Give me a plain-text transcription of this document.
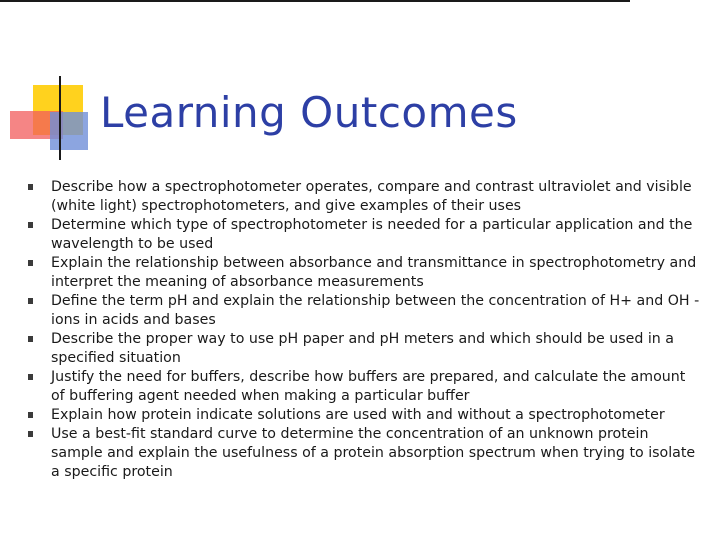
Learning Outcomes
Describe how a spectrophotometer operates, compare and contrast ultraviolet and visible (white light) spectrophotometers, and give examples of their uses
Determine which type of spectrophotometer is needed for a particular application and the wavelength to be used
Explain the relationship between absorbance and transmittance in spectrophotometry and interpret the meaning of absorbance measurements
Define the term pH and explain the relationship between the concentration of H+ and OH - ions in acids and bases
Describe the proper way to use pH paper and pH meters and which should be used in a specified situation
Justify the need for buffers, describe how buffers are prepared, and calculate the amount of buffering agent needed when making a particular buffer
Explain how protein indicate solutions are used with and without a spectrophotometer
Use a best-fit standard curve to determine the concentration of an unknown protein sample and explain the usefulness of a protein absorption spectrum when trying to isolate a specific protein
